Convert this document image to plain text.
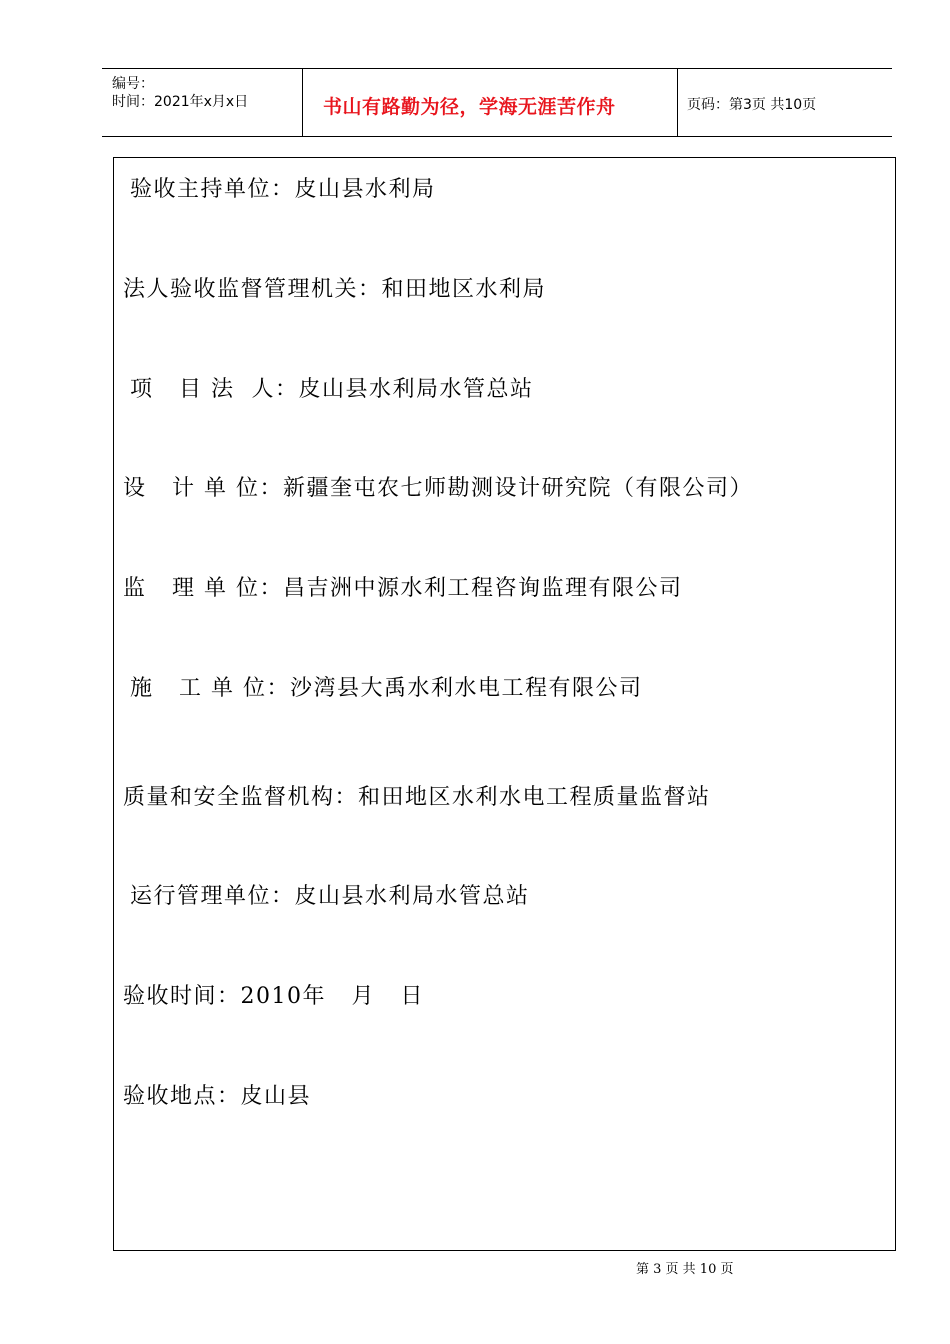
编号：
时间：2021年x月x日	书山有路勤为径，学海无涯苦作舟	页码：第3页 共10页
验收主持单位：皮山县水利局
法人验收监督管理机关：和田地区水利局
项   目 法  人：皮山县水利局水管总站
设   计 单 位：新疆奎屯农七师勘测设计研究院（有限公司）
监   理 单 位：昌吉洲中源水利工程咨询监理有限公司
施   工 单 位：沙湾县大禹水利水电工程有限公司
质量和安全监督机构：和田地区水利水电工程质量监督站
运行管理单位：皮山县水利局水管总站
验收时间：2010年   月   日
验收地点：皮山县
第 3 页 共 10 页
